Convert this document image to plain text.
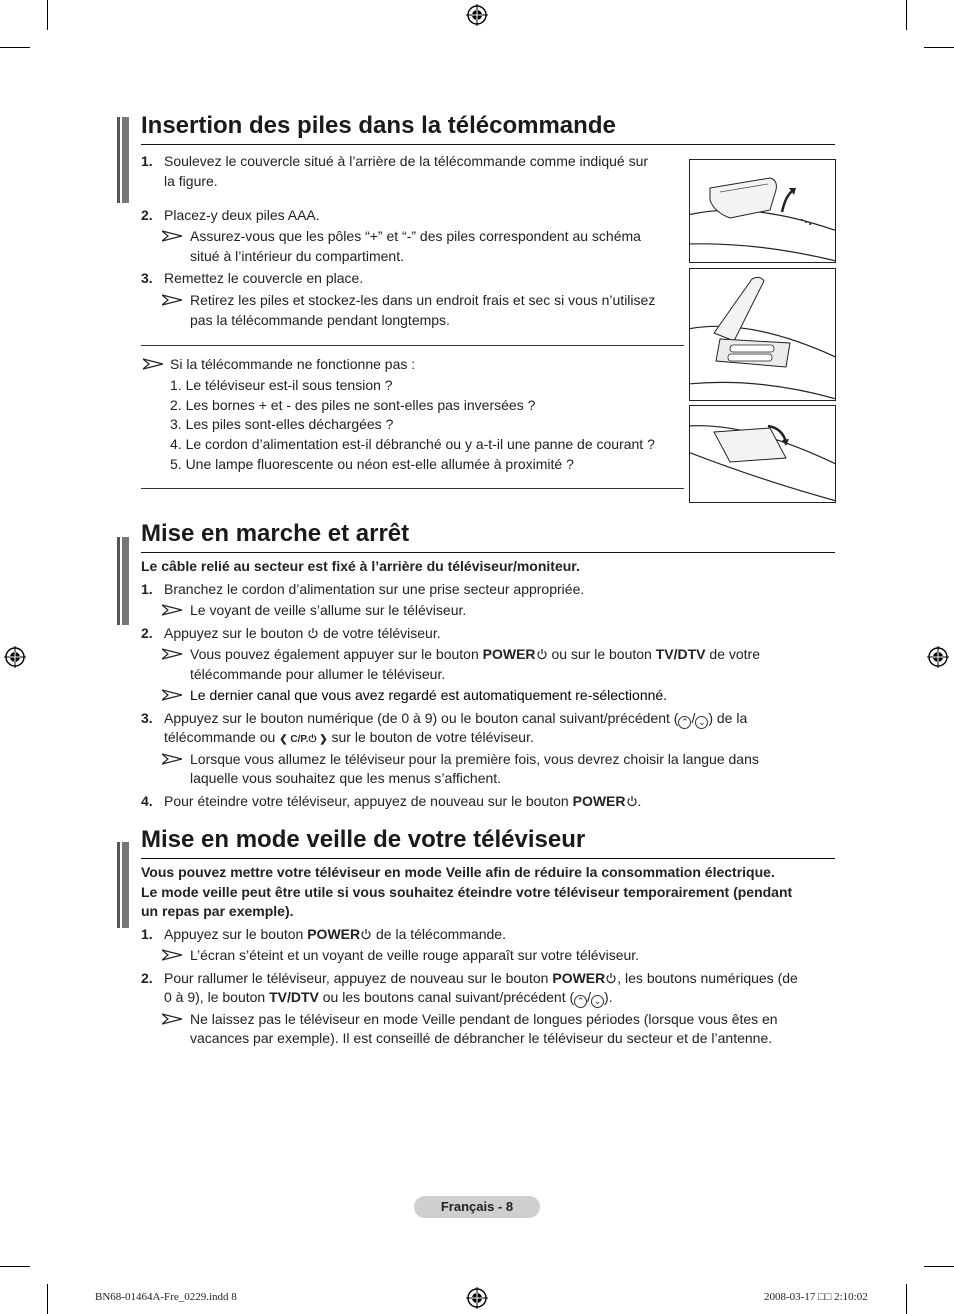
Insertion des piles dans la télécommande
1. Soulevez le couvercle situé à l’arrière de la télécommande comme indiqué sur
la figure.
2. Placez-y deux piles AAA.
Assurez-vous que les pôles “+” et “-” des piles correspondent au schéma
situé à l’intérieur du compartiment.
3. Remettez le couvercle en place.
Retirez les piles et stockez-les dans un endroit frais et sec si vous n’utilisez
pas la télécommande pendant longtemps.
Si la télécommande ne fonctionne pas :
1. Le téléviseur est-il sous tension ?
2. Les bornes + et - des piles ne sont-elles pas inversées ?
3. Les piles sont-elles déchargées ?
4. Le cordon d’alimentation est-il débranché ou y a-t-il une panne de courant ?
5. Une lampe fluorescente ou néon est-elle allumée à proximité ?
Mise en marche et arrêt
Le câble relié au secteur est fixé à l’arrière du téléviseur/moniteur.
1. Branchez le cordon d’alimentation sur une prise secteur appropriée.
Le voyant de veille s’allume sur le téléviseur.
2. Appuyez sur le bouton de votre téléviseur.
Vous pouvez également appuyer sur le bouton POWER ou sur le bouton TV/DTV de votre
télécommande pour allumer le téléviseur.
Le dernier canal que vous avez regardé est automatiquement re-sélectionné.
3. Appuyez sur le bouton numérique (de 0 à 9) ou le bouton canal suivant/précédent ( ⌃ / ⌄ ) de la
télécommande ou ❮ C/P.⏻ ❯ sur le bouton de votre téléviseur.
Lorsque vous allumez le téléviseur pour la première fois, vous devrez choisir la langue dans
laquelle vous souhaitez que les menus s’affichent.
4. Pour éteindre votre téléviseur, appuyez de nouveau sur le bouton POWER .
Mise en mode veille de votre téléviseur
Vous pouvez mettre votre téléviseur en mode Veille afin de réduire la consommation électrique.
Le mode veille peut être utile si vous souhaitez éteindre votre téléviseur temporairement (pendant
un repas par exemple).
1. Appuyez sur le bouton POWER de la télécommande.
L’écran s’éteint et un voyant de veille rouge apparaît sur votre téléviseur.
2. Pour rallumer le téléviseur, appuyez de nouveau sur le bouton POWER , les boutons numériques (de
0 à 9), le bouton TV/DTV ou les boutons canal suivant/précédent ( ⌃ / ⌄ ).
Ne laissez pas le téléviseur en mode Veille pendant de longues périodes (lorsque vous êtes en
vacances par exemple). Il est conseillé de débrancher le téléviseur du secteur et de l’antenne.
Français - 8
BN68-01464A-Fre_0229.indd 8	2008-03-17 □□ 2:10:02
